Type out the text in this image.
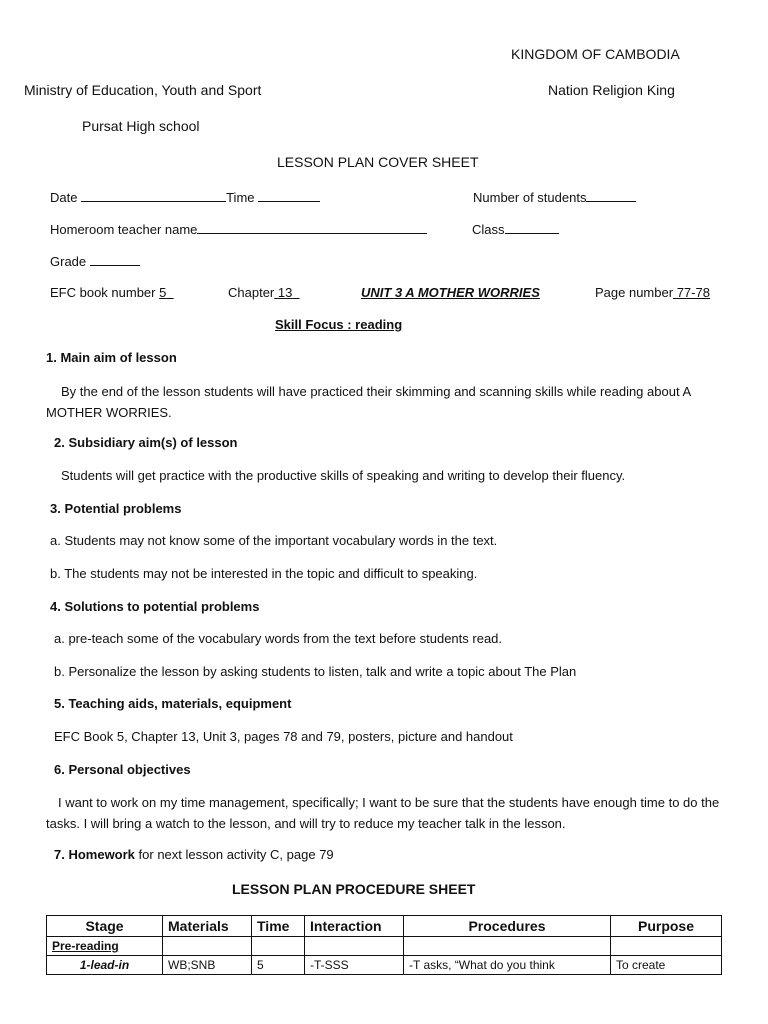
KINGDOM OF CAMBODIA
Ministry of Education, Youth and Sport	Nation Religion King
Pursat High school
LESSON PLAN COVER SHEET
Date	Time	Number of students
Homeroom teacher name	Class
Grade
EFC book number 5	Chapter 13	UNIT 3 A MOTHER WORRIES	Page number 77-78
Skill Focus : reading
1. Main aim of lesson
By the end of the lesson students will have practiced their skimming and scanning skills while reading about A MOTHER WORRIES.
2. Subsidiary aim(s) of lesson
Students will get practice with the productive skills of speaking and writing to develop their fluency.
3. Potential problems
a. Students may not know some of the important vocabulary words in the text.
b. The students may not be interested in the topic and difficult to speaking.
4. Solutions to potential problems
a. pre-teach some of the vocabulary words from the text before students read.
b. Personalize the lesson by asking students to listen, talk and write a topic about The Plan
5. Teaching aids, materials, equipment
EFC Book 5, Chapter 13, Unit 3, pages 78 and 79, posters, picture and handout
6. Personal objectives
I want to work on my time management, specifically; I want to be sure that the students have enough time to do the tasks. I will bring a watch to the lesson, and will try to reduce my teacher talk in the lesson.
7. Homework for next lesson activity C, page 79
LESSON PLAN PROCEDURE SHEET
Stage	Materials	Time	Interaction	Procedures	Purpose
Pre-reading					
1-lead-in	WB;SNB	5	-T-SSS	-T asks, “What do you think	To create
